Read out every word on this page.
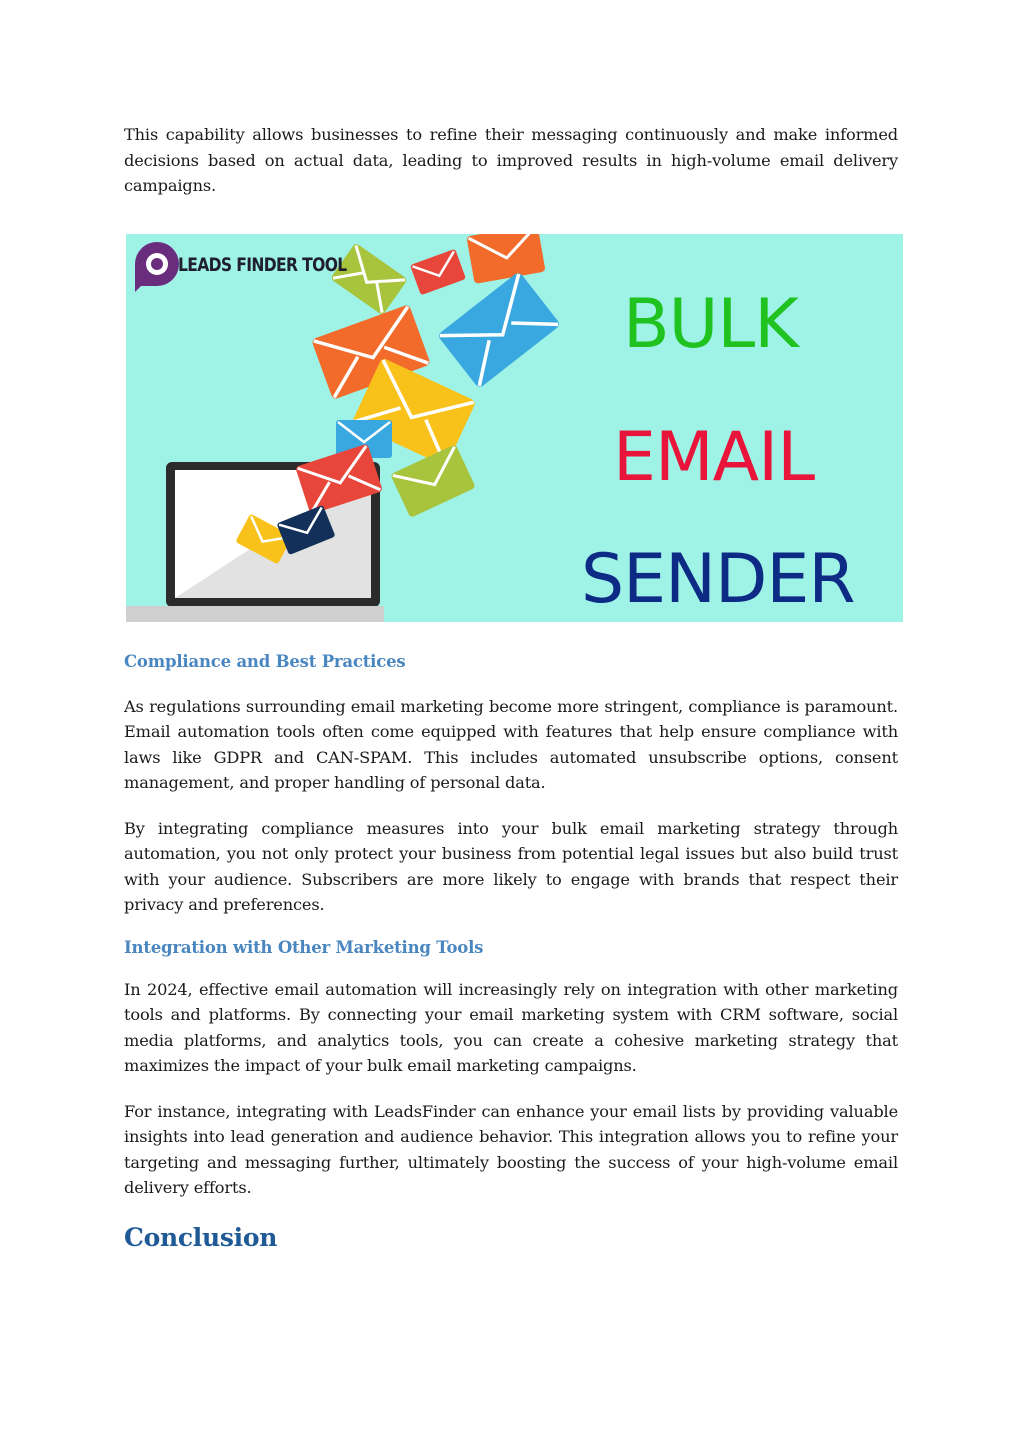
This capability allows businesses to refine their messaging continuously and make informed decisions based on actual data, leading to improved results in high-volume email delivery campaigns.

LEADS FINDER TOOL
BULK
EMAIL
SENDER
Compliance and Best Practices

As regulations surrounding email marketing become more stringent, compliance is paramount. Email automation tools often come equipped with features that help ensure compliance with laws like GDPR and CAN-SPAM. This includes automated unsubscribe options, consent management, and proper handling of personal data.

By integrating compliance measures into your bulk email marketing strategy through automation, you not only protect your business from potential legal issues but also build trust with your audience. Subscribers are more likely to engage with brands that respect their privacy and preferences.

Integration with Other Marketing Tools

In 2024, effective email automation will increasingly rely on integration with other marketing tools and platforms. By connecting your email marketing system with CRM software, social media platforms, and analytics tools, you can create a cohesive marketing strategy that maximizes the impact of your bulk email marketing campaigns.

For instance, integrating with LeadsFinder can enhance your email lists by providing valuable insights into lead generation and audience behavior. This integration allows you to refine your targeting and messaging further, ultimately boosting the success of your high-volume email delivery efforts.

Conclusion
